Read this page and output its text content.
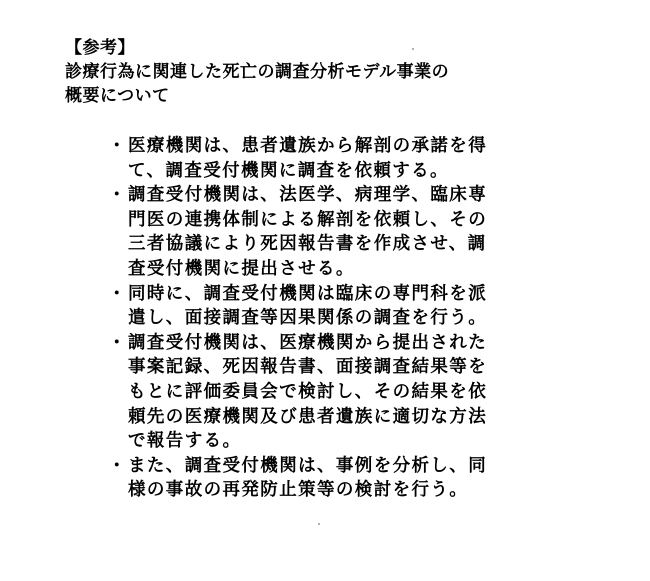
【参考】
診療行為に関連した死亡の調査分析モデル事業の
概要について
・ 医療機関は、患者遺族から解剖の承諾を得
て、調査受付機関に調査を依頼する。
・ 調査受付機関は、法医学、病理学、臨床専
門医の連携体制による解剖を依頼し、その
三者協議により死因報告書を作成させ、調
査受付機関に提出させる。
・ 同時に、調査受付機関は臨床の専門科を派
遣し、面接調査等因果関係の調査を行う。
・ 調査受付機関は、医療機関から提出された
事案記録、死因報告書、面接調査結果等を
もとに評価委員会で検討し、その結果を依
頼先の医療機関及び患者遺族に適切な方法
で報告する。
・ また、調査受付機関は、事例を分析し、同
様の事故の再発防止策等の検討を行う。
